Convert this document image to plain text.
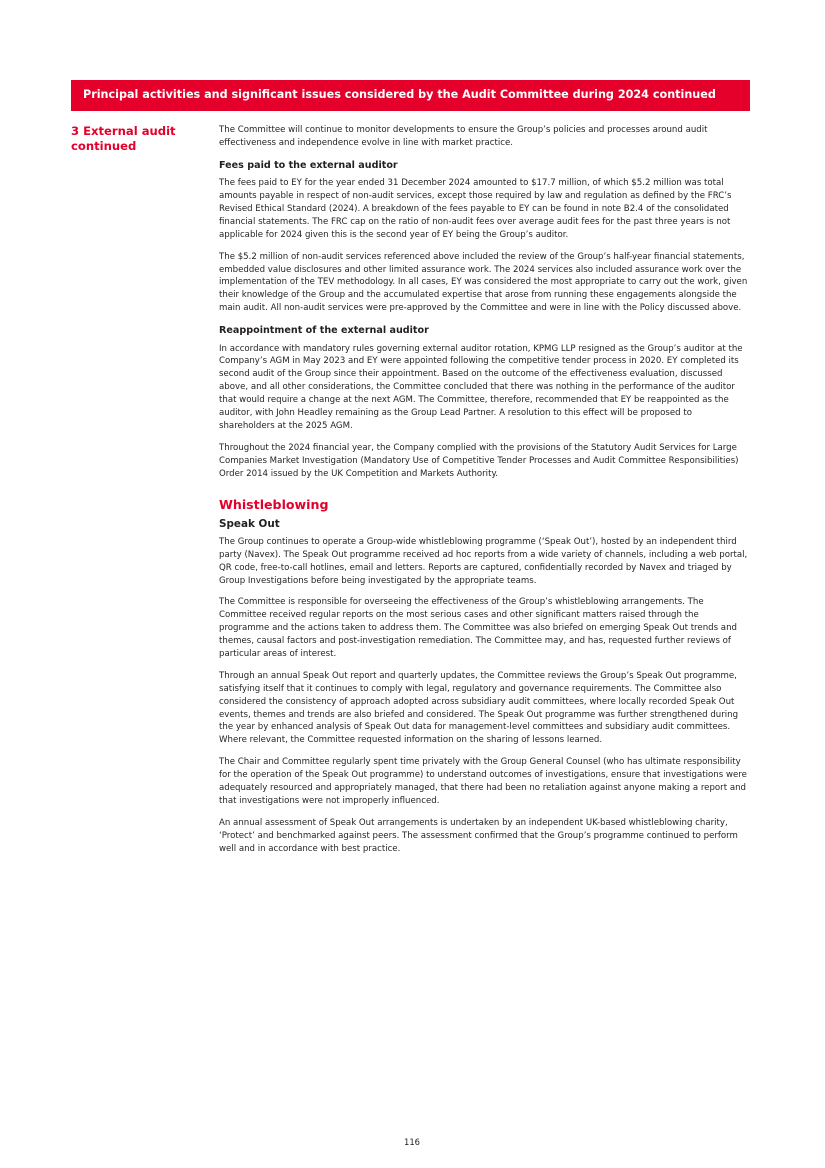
Principal activities and significant issues considered by the Audit Committee during 2024 continued
3 External audit
continued

The Committee will continue to monitor developments to ensure the Group’s policies and processes around audit effectiveness and independence evolve in line with market practice.

Fees paid to the external auditor

The fees paid to EY for the year ended 31 December 2024 amounted to $17.7 million, of which $5.2 million was total amounts payable in respect of non-audit services, except those required by law and regulation as defined by the FRC’s Revised Ethical Standard (2024). A breakdown of the fees payable to EY can be found in note B2.4 of the consolidated financial statements. The FRC cap on the ratio of non-audit fees over average audit fees for the past three years is not applicable for 2024 given this is the second year of EY being the Group’s auditor.

The $5.2 million of non-audit services referenced above included the review of the Group’s half-year financial statements, embedded value disclosures and other limited assurance work. The 2024 services also included assurance work over the implementation of the TEV methodology. In all cases, EY was considered the most appropriate to carry out the work, given their knowledge of the Group and the accumulated expertise that arose from running these engagements alongside the main audit. All non-audit services were pre-approved by the Committee and were in line with the Policy discussed above.

Reappointment of the external auditor

In accordance with mandatory rules governing external auditor rotation, KPMG LLP resigned as the Group’s auditor at the Company’s AGM in May 2023 and EY were appointed following the competitive tender process in 2020. EY completed its second audit of the Group since their appointment. Based on the outcome of the effectiveness evaluation, discussed above, and all other considerations, the Committee concluded that there was nothing in the performance of the auditor that would require a change at the next AGM. The Committee, therefore, recommended that EY be reappointed as the auditor, with John Headley remaining as the Group Lead Partner. A resolution to this effect will be proposed to shareholders at the 2025 AGM.

Throughout the 2024 financial year, the Company complied with the provisions of the Statutory Audit Services for Large Companies Market Investigation (Mandatory Use of Competitive Tender Processes and Audit Committee Responsibilities) Order 2014 issued by the UK Competition and Markets Authority.

Whistleblowing
Speak Out

The Group continues to operate a Group-wide whistleblowing programme (‘Speak Out’), hosted by an independent third party (Navex). The Speak Out programme received ad hoc reports from a wide variety of channels, including a web portal, QR code, free-to-call hotlines, email and letters. Reports are captured, confidentially recorded by Navex and triaged by Group Investigations before being investigated by the appropriate teams.

The Committee is responsible for overseeing the effectiveness of the Group’s whistleblowing arrangements. The Committee received regular reports on the most serious cases and other significant matters raised through the programme and the actions taken to address them. The Committee was also briefed on emerging Speak Out trends and themes, causal factors and post-investigation remediation. The Committee may, and has, requested further reviews of particular areas of interest.

Through an annual Speak Out report and quarterly updates, the Committee reviews the Group’s Speak Out programme, satisfying itself that it continues to comply with legal, regulatory and governance requirements. The Committee also considered the consistency of approach adopted across subsidiary audit committees, where locally recorded Speak Out events, themes and trends are also briefed and considered. The Speak Out programme was further strengthened during the year by enhanced analysis of Speak Out data for management-level committees and subsidiary audit committees. Where relevant, the Committee requested information on the sharing of lessons learned.

The Chair and Committee regularly spent time privately with the Group General Counsel (who has ultimate responsibility for the operation of the Speak Out programme) to understand outcomes of investigations, ensure that investigations were adequately resourced and appropriately managed, that there had been no retaliation against anyone making a report and that investigations were not improperly influenced.

An annual assessment of Speak Out arrangements is undertaken by an independent UK-based whistleblowing charity, ‘Protect’ and benchmarked against peers. The assessment confirmed that the Group’s programme continued to perform well and in accordance with best practice.

116
